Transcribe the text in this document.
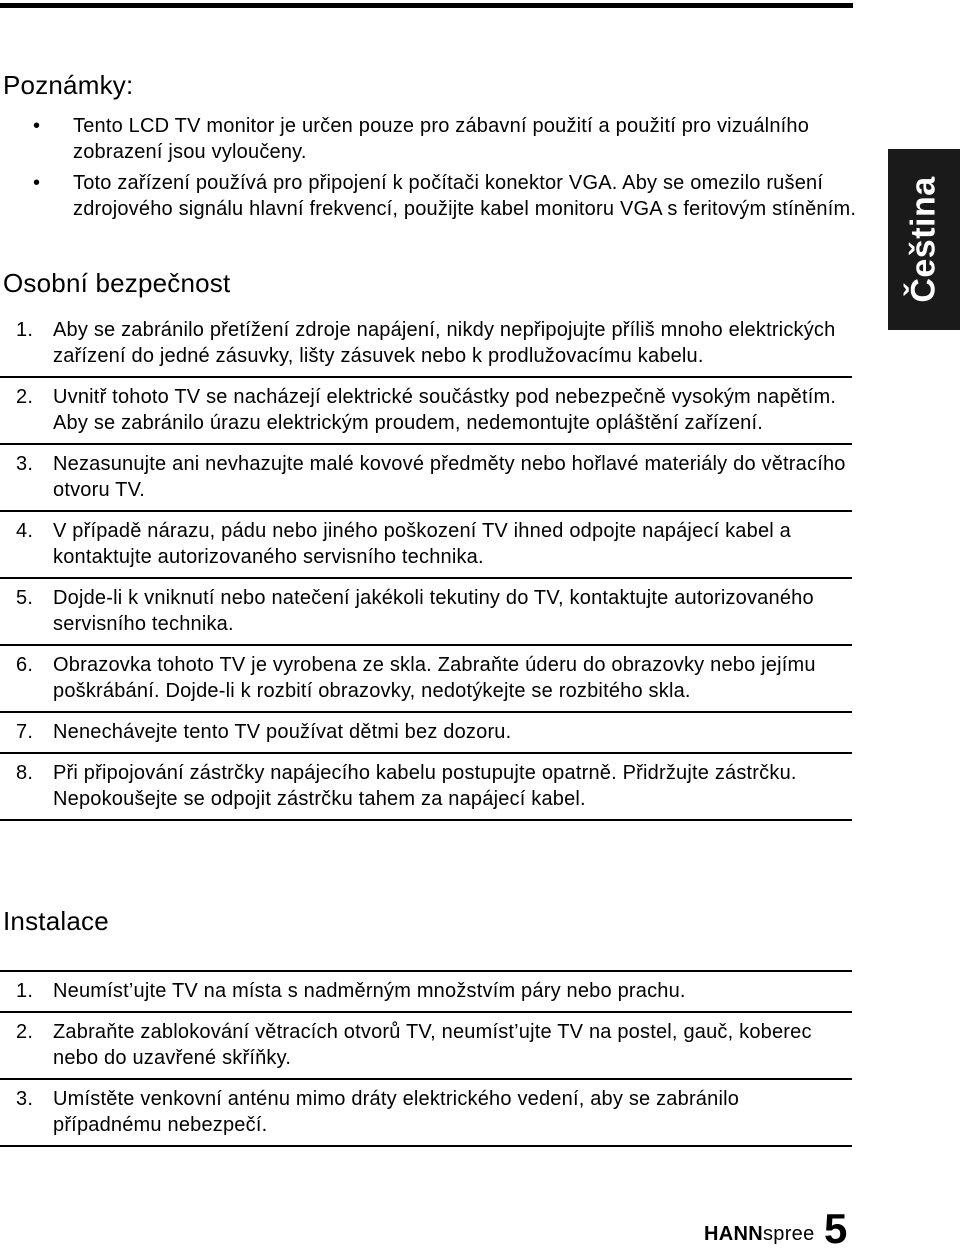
Poznámky:
• Tento LCD TV monitor je určen pouze pro zábavní použití a použití pro vizuálního zobrazení jsou vyloučeny.
• Toto zařízení používá pro připojení k počítači konektor VGA. Aby se omezilo rušení zdrojového signálu hlavní frekvencí, použijte kabel monitoru VGA s feritovým stíněním.
Osobní bezpečnost
1. Aby se zabránilo přetížení zdroje napájení, nikdy nepřipojujte příliš mnoho elektrických zařízení do jedné zásuvky, lišty zásuvek nebo k prodlužovacímu kabelu.
2. Uvnitř tohoto TV se nacházejí elektrické součástky pod nebezpečně vysokým napětím. Aby se zabránilo úrazu elektrickým proudem, nedemontujte opláštění zařízení.
3. Nezasunujte ani nevhazujte malé kovové předměty nebo hořlavé materiály do větracího otvoru TV.
4. V případě nárazu, pádu nebo jiného poškození TV ihned odpojte napájecí kabel a kontaktujte autorizovaného servisního technika.
5. Dojde-li k vniknutí nebo natečení jakékoli tekutiny do TV, kontaktujte autorizovaného servisního technika.
6. Obrazovka tohoto TV je vyrobena ze skla. Zabraňte úderu do obrazovky nebo jejímu poškrábání. Dojde-li k rozbití obrazovky, nedotýkejte se rozbitého skla.
7. Nenechávejte tento TV používat dětmi bez dozoru.
8. Při připojování zástrčky napájecího kabelu postupujte opatrně. Přidržujte zástrčku. Nepokoušejte se odpojit zástrčku tahem za napájecí kabel.
Instalace
1. Neumíst’ujte TV na místa s nadměrným množstvím páry nebo prachu.
2. Zabraňte zablokování větracích otvorů TV, neumíst’ujte TV na postel, gauč, koberec nebo do uzavřené skříňky.
3. Umístěte venkovní anténu mimo dráty elektrického vedení, aby se zabránilo případnému nebezpečí.
Čeština
HANNspree 5
